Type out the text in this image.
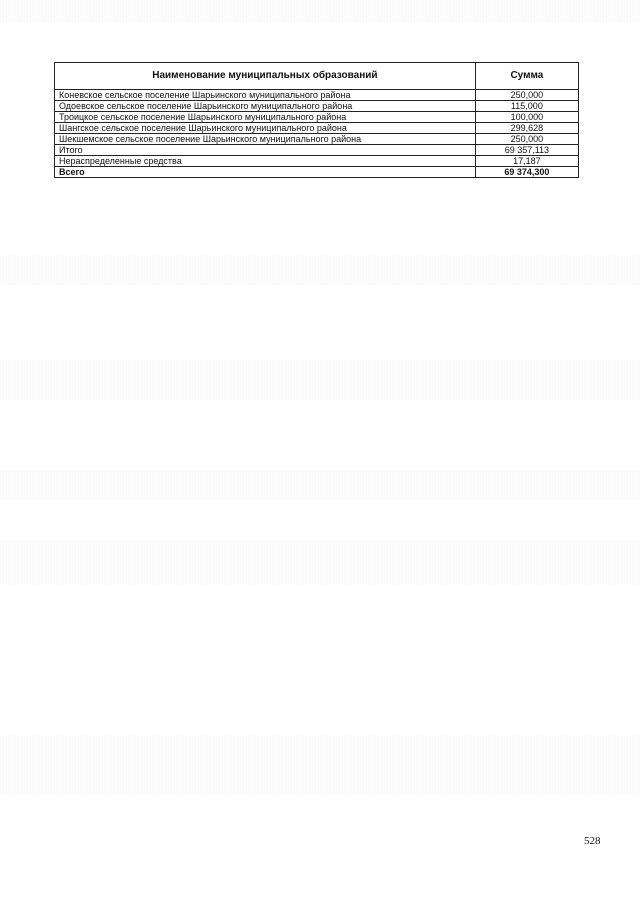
Наименование муниципальных образований	Сумма
Коневское сельское поселение Шарьинского муниципального района	250,000
Одоевское сельское поселение Шарьинского муниципального района	115,000
Троицкое сельское поселение Шарьинского муниципального района	100,000
Шангское сельское поселение Шарьинского муниципального района	299,628
Шекшемское сельское поселение Шарьинского муниципального района	250,000
Итого	69 357,113
Нераспределенные средства	17,187
Всего	69 374,300
528
